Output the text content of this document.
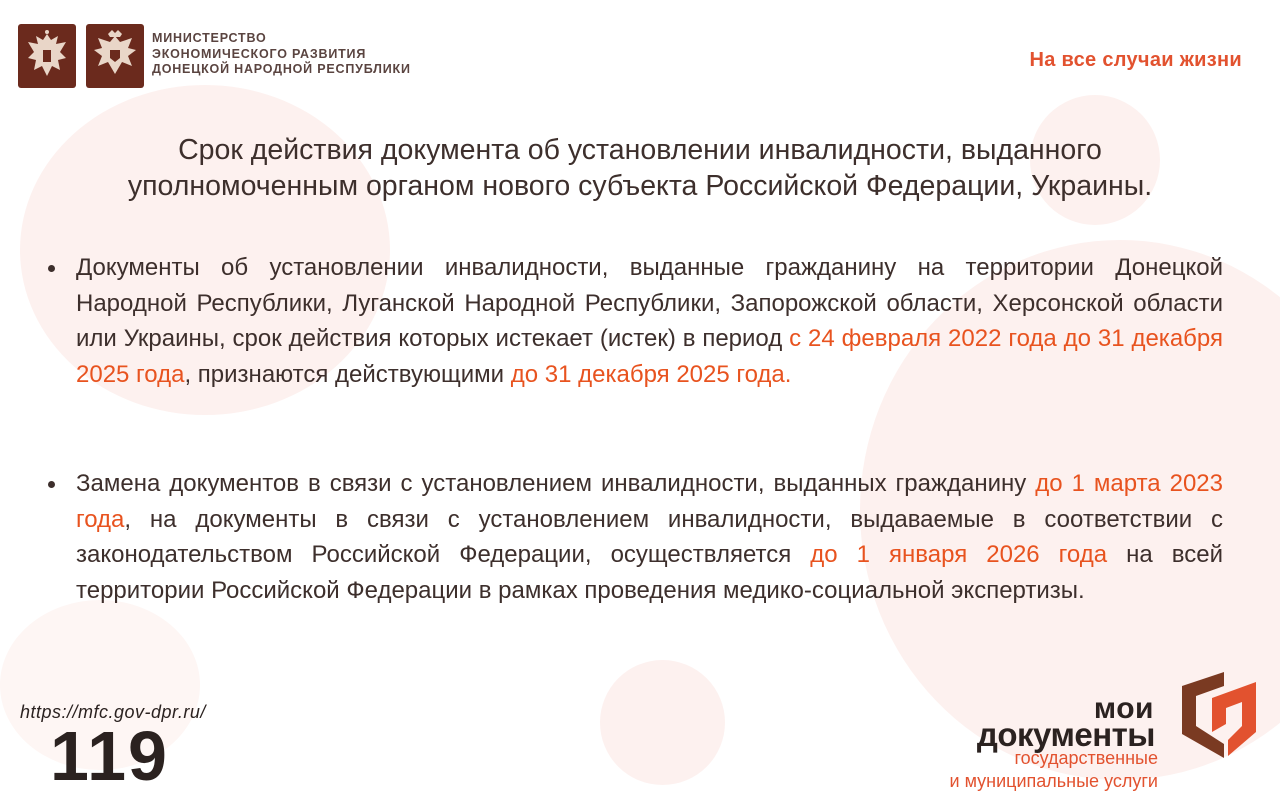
МИНИСТЕРСТВО
ЭКОНОМИЧЕСКОГО РАЗВИТИЯ
ДОНЕЦКОЙ НАРОДНОЙ РЕСПУБЛИКИ	На все случаи жизни
Срок действия документа об установлении инвалидности, выданного
уполномоченным органом нового субъекта Российской Федерации, Украины.
Документы об установлении инвалидности, выданные гражданину на территории Донецкой Народной Республики, Луганской Народной Республики, Запорожской области, Херсонской области или Украины, срок действия которых истекает (истек) в период с 24 февраля 2022 года до 31 декабря 2025 года, признаются действующими до 31 декабря 2025 года.
Замена документов в связи с установлением инвалидности, выданных гражданину до 1 марта 2023 года, на документы в связи с установлением инвалидности, выдаваемые в соответствии с законодательством Российской Федерации, осуществляется до 1 января 2026 года на всей территории Российской Федерации в рамках проведения медико-социальной экспертизы.
https://mfc.gov-dpr.ru/
119
мои
документы
государственные
и муниципальные услуги
